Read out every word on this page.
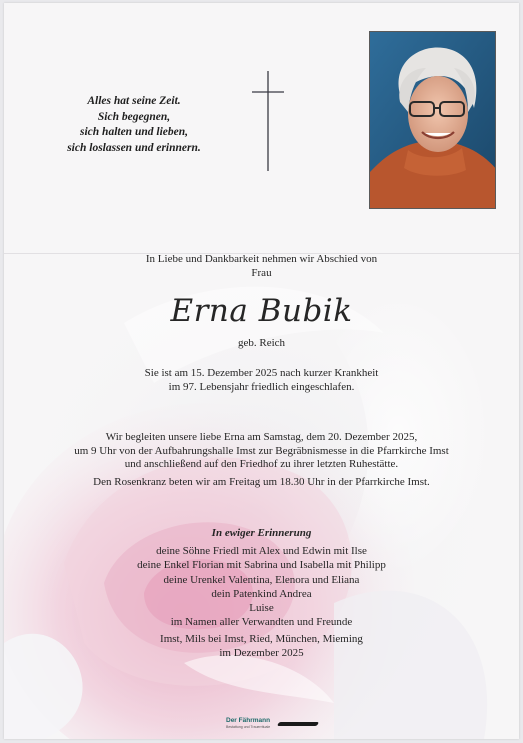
Alles hat seine Zeit.
Sich begegnen,
sich halten und lieben,
sich loslassen und erinnern.
In Liebe und Dankbarkeit nehmen wir Abschied von
Frau
Erna Bubik
geb. Reich
Sie ist am 15. Dezember 2025 nach kurzer Krankheit
im 97. Lebensjahr friedlich eingeschlafen.
Wir begleiten unsere liebe Erna am Samstag, dem 20. Dezember 2025,
um 9 Uhr von der Aufbahrungshalle Imst zur Begräbnismesse in die Pfarrkirche Imst
und anschließend auf den Friedhof zu ihrer letzten Ruhestätte.
Den Rosenkranz beten wir am Freitag um 18.30 Uhr in der Pfarrkirche Imst.
In ewiger Erinnerung
deine Söhne Friedl mit Alex und Edwin mit Ilse
deine Enkel Florian mit Sabrina und Isabella mit Philipp
deine Urenkel Valentina, Elenora und Eliana
dein Patenkind Andrea
Luise
im Namen aller Verwandten und Freunde
Imst, Mils bei Imst, Ried, München, Mieming
im Dezember 2025
Der Fährmann
Bestattung und Trauerrituale
